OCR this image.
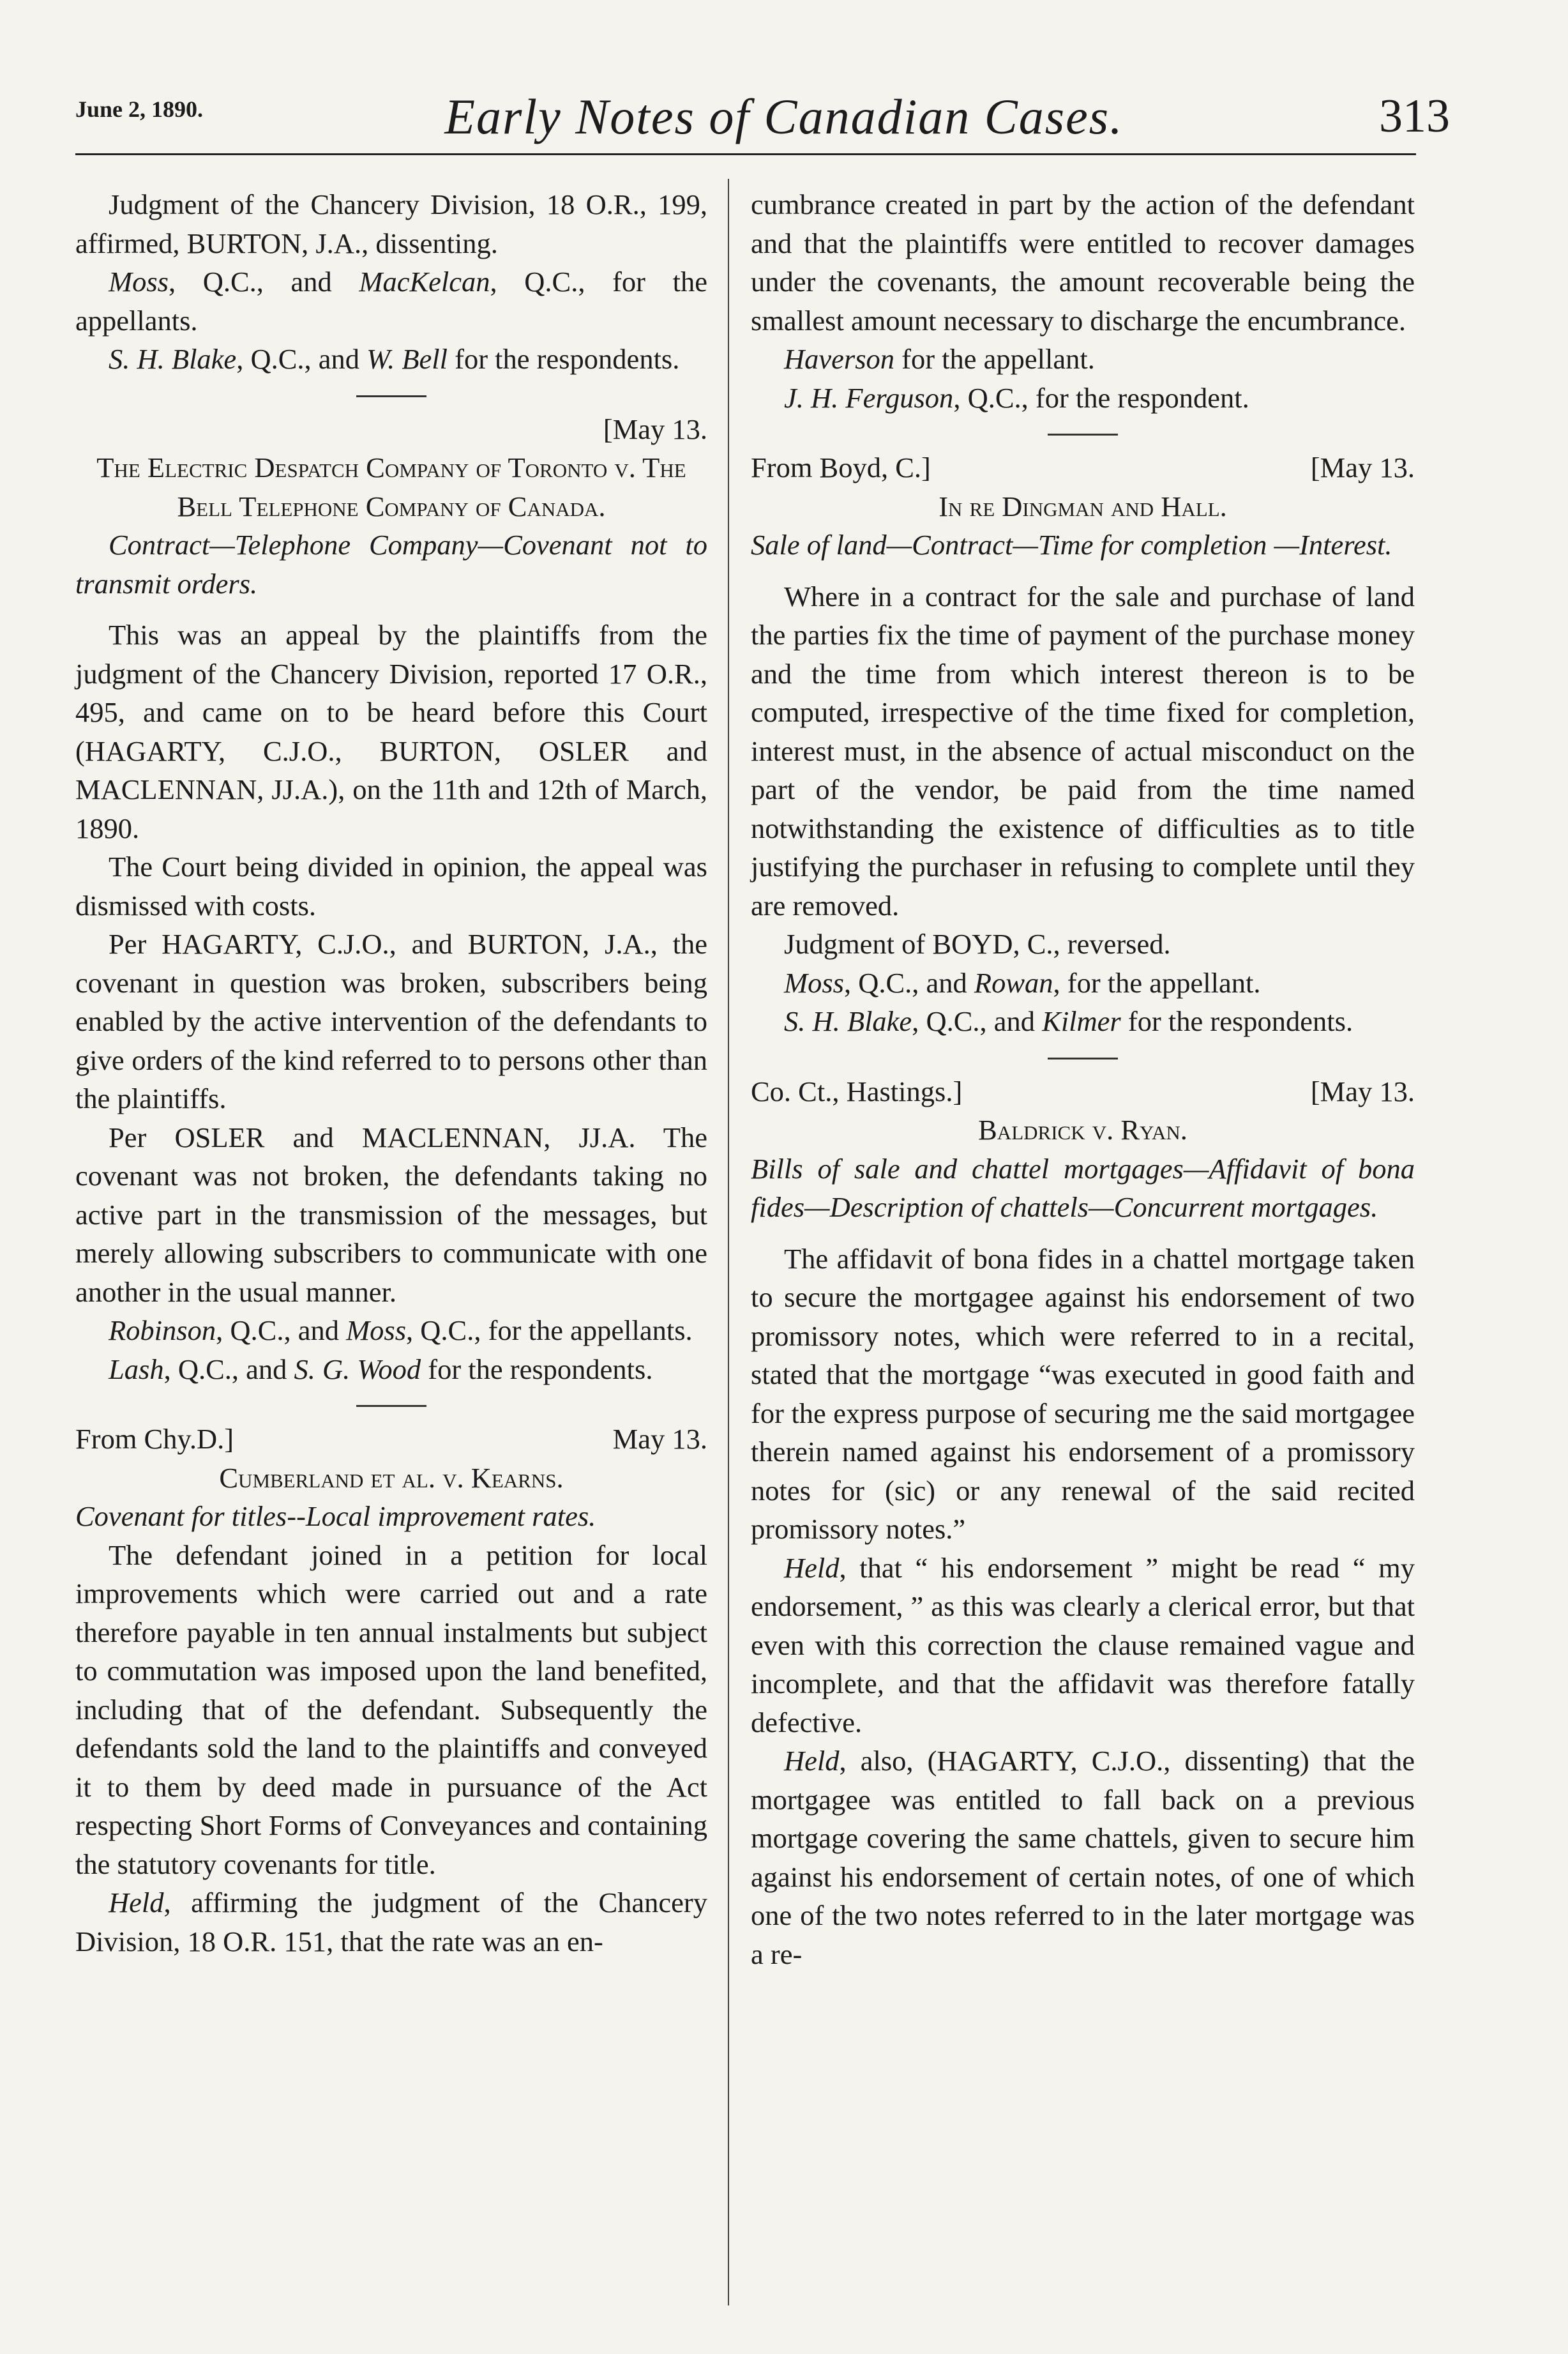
June 2, 1890.	Early Notes of Canadian Cases.	313

Judgment of the Chancery Division, 18 O.R., 199, affirmed, BURTON, J.A., dissenting.

Moss, Q.C., and MacKelcan, Q.C., for the appellants.

S. H. Blake, Q.C., and W. Bell for the respondents.

[May 13.

The Electric Despatch Company of Toronto v. The Bell Telephone Company of Canada.

Contract—Telephone Company—Covenant not to transmit orders.

This was an appeal by the plaintiffs from the judgment of the Chancery Division, reported 17 O.R., 495, and came on to be heard before this Court (HAGARTY, C.J.O., BURTON, OSLER and MACLENNAN, JJ.A.), on the 11th and 12th of March, 1890.

The Court being divided in opinion, the appeal was dismissed with costs.

Per HAGARTY, C.J.O., and BURTON, J.A., the covenant in question was broken, subscribers being enabled by the active intervention of the defendants to give orders of the kind referred to to persons other than the plaintiffs.

Per OSLER and MACLENNAN, JJ.A. The covenant was not broken, the defendants taking no active part in the transmission of the messages, but merely allowing subscribers to communicate with one another in the usual manner.

Robinson, Q.C., and Moss, Q.C., for the appellants.

Lash, Q.C., and S. G. Wood for the respondents.

From Chy.D.]	May 13.

Cumberland et al. v. Kearns.

Covenant for titles--Local improvement rates.

The defendant joined in a petition for local improvements which were carried out and a rate therefore payable in ten annual instalments but subject to commutation was imposed upon the land benefited, including that of the defendant. Subsequently the defendants sold the land to the plaintiffs and conveyed it to them by deed made in pursuance of the Act respecting Short Forms of Conveyances and containing the statutory covenants for title.

Held, affirming the judgment of the Chancery Division, 18 O.R. 151, that the rate was an en-

cumbrance created in part by the action of the defendant and that the plaintiffs were entitled to recover damages under the covenants, the amount recoverable being the smallest amount necessary to discharge the encumbrance.

Haverson for the appellant.

J. H. Ferguson, Q.C., for the respondent.

From Boyd, C.]	[May 13.

In re Dingman and Hall.

Sale of land—Contract—Time for completion —Interest.

Where in a contract for the sale and purchase of land the parties fix the time of payment of the purchase money and the time from which interest thereon is to be computed, irrespective of the time fixed for completion, interest must, in the absence of actual misconduct on the part of the vendor, be paid from the time named notwithstanding the existence of difficulties as to title justifying the purchaser in refusing to complete until they are removed.

Judgment of BOYD, C., reversed.

Moss, Q.C., and Rowan, for the appellant.

S. H. Blake, Q.C., and Kilmer for the respondents.

Co. Ct., Hastings.]	[May 13.

Baldrick v. Ryan.

Bills of sale and chattel mortgages—Affidavit of bona fides—Description of chattels—Concurrent mortgages.

The affidavit of bona fides in a chattel mortgage taken to secure the mortgagee against his endorsement of two promissory notes, which were referred to in a recital, stated that the mortgage “was executed in good faith and for the express purpose of securing me the said mortgagee therein named against his endorsement of a promissory notes for (sic) or any renewal of the said recited promissory notes.”

Held, that “ his endorsement ” might be read “ my endorsement, ” as this was clearly a clerical error, but that even with this correction the clause remained vague and incomplete, and that the affidavit was therefore fatally defective.

Held, also, (HAGARTY, C.J.O., dissenting) that the mortgagee was entitled to fall back on a previous mortgage covering the same chattels, given to secure him against his endorsement of certain notes, of one of which one of the two notes referred to in the later mortgage was a re-
